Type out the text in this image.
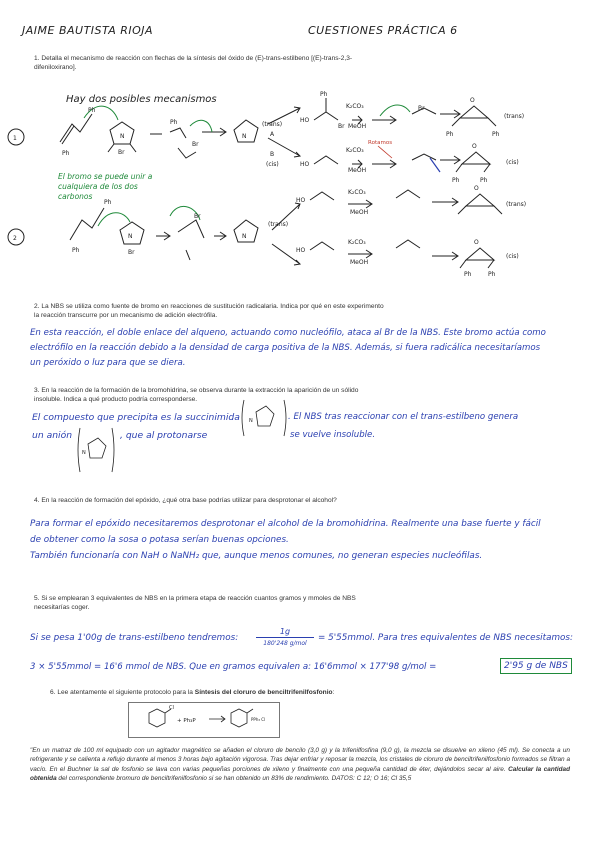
JAIME BAUTISTA RIOJA	CUESTIONES PRÁCTICA 6
1. Detalla el mecanismo de reacción con flechas de la síntesis del óxido de (E)-trans-estilbeno [(E)-trans-2,3-difeniloxirano].
Hay dos posibles mecanismos
El bromo se puede unir a cualquiera de los dos carbonos
1
2
Ph
Ph
Br
N
Ph
Br
N
(trans)
A
B
(cis)
HO
Ph
Br
K₂CO₃
MeOH
Br
O
Ph	Ph
(trans)
HO
K₂CO₃
MeOH
O
(cis)
Ph	Ph
Ph
Ph	Br
N
Br
N
(trans)
HO
K₂CO₃
MeOH
O
(trans)
HO
K₂CO₃
MeOH
O
(cis)
Ph	Ph
Rotamos
2. La NBS se utiliza como fuente de bromo en reacciones de sustitución radicalaria. Indica por qué en este experimento la reacción transcurre por un mecanismo de adición electrófila.
En esta reacción, el doble enlace del alqueno, actuando como nucleófilo, ataca al Br de la NBS. Este bromo actúa como
electrófilo en la reacción debido a la densidad de carga positiva de la NBS. Además, si fuera radicálica necesitaríamos
un peróxido o luz para que se diera.
3. En la reacción de la formación de la bromohidrina, se observa durante la extracción la aparición de un sólido insoluble. Indica a qué producto podría corresponderse.
El compuesto que precipita es la succinimida
un anión
N
, que al protonarse
N
. El NBS tras reaccionar con el trans-estilbeno genera
se vuelve insoluble.
4. En la reacción de formación del epóxido, ¿qué otra base podrías utilizar para desprotonar el alcohol?
Para formar el epóxido necesitaremos desprotonar el alcohol de la bromohidrina. Realmente una base fuerte y fácil
de obtener como la sosa o potasa serían buenas opciones.
También funcionaría con NaH o NaNH₂ que, aunque menos comunes, no generan especies nucleófilas.
5. Si se emplearan 3 equivalentes de NBS en la primera etapa de reacción cuantos gramos y mmoles de NBS necesitarías coger.
Si se pesa 1'00g de trans-estilbeno tendremos:
1g
180'248 g/mol
= 5'55mmol. Para tres equivalentes de NBS necesitamos:
3 × 5'55mmol = 16'6 mmol de NBS. Que en gramos equivalen a: 16'6mmol × 177'98 g/mol =	2'95 g de NBS
6. Lee atentamente el siguiente protocolo para la Síntesis del cloruro de benciltrifenilfosfonio:
Cl
+ Ph₃P	PPh₃ Cl
"En un matraz de 100 ml equipado con un agitador magnético se añaden el cloruro de bencilo (3,0 g) y la trifenilfosfina (9,0 g), la mezcla se disuelve en xileno (45 ml). Se conecta a un refrigerante y se calienta a reflujo durante al menos 3 horas bajo agitación vigorosa. Tras dejar enfriar y reposar la mezcla, los cristales de cloruro de benciltrifenilfosfonio formados se filtran a vacío. En el Buchner la sal de fosfonio se lava con varias pequeñas porciones de xileno y finalmente con una pequeña cantidad de éter, dejándolos secar al aire. Calcular la cantidad obtenida del correspondiente bromuro de benciltrifenilfosfonio si se han obtenido un 83% de rendimiento. DATOS: C 12; O 16; Cl 35,5
